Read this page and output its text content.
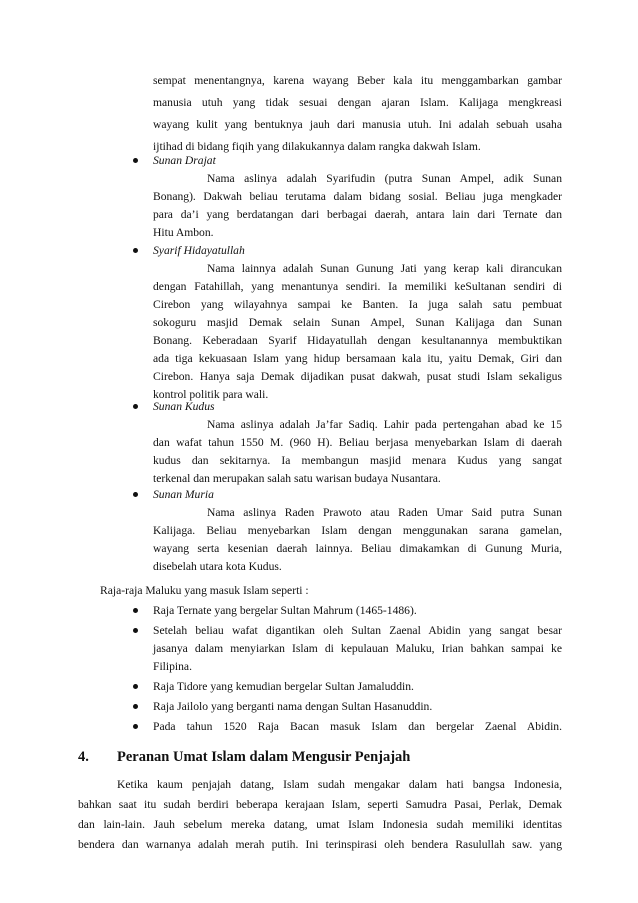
sempat menentangnya, karena wayang Beber kala itu menggambarkan gambar
manusia utuh yang tidak sesuai dengan ajaran Islam. Kalijaga mengkreasi
wayang kulit yang bentuknya jauh dari manusia utuh. Ini adalah sebuah usaha
ijtihad di bidang fiqih yang dilakukannya dalam rangka dakwah Islam.
Sunan Drajat
Nama aslinya adalah Syarifudin (putra Sunan Ampel, adik Sunan
Bonang). Dakwah beliau terutama dalam bidang sosial. Beliau juga mengkader
para da’i yang berdatangan dari berbagai daerah, antara lain dari Ternate dan
Hitu Ambon.
Syarif Hidayatullah
Nama lainnya adalah Sunan Gunung Jati yang kerap kali dirancukan
dengan Fatahillah, yang menantunya sendiri. Ia memiliki keSultanan sendiri di
Cirebon yang wilayahnya sampai ke Banten. Ia juga salah satu pembuat
sokoguru masjid Demak selain Sunan Ampel, Sunan Kalijaga dan Sunan
Bonang. Keberadaan Syarif Hidayatullah dengan kesultanannya membuktikan
ada tiga kekuasaan Islam yang hidup bersamaan kala itu, yaitu Demak, Giri dan
Cirebon. Hanya saja Demak dijadikan pusat dakwah, pusat studi Islam sekaligus
kontrol politik para wali.
Sunan Kudus
Nama aslinya adalah Ja’far Sadiq. Lahir pada pertengahan abad ke 15
dan wafat tahun 1550 M. (960 H). Beliau berjasa menyebarkan Islam di daerah
kudus dan sekitarnya. Ia membangun masjid menara Kudus yang sangat
terkenal dan merupakan salah satu warisan budaya Nusantara.
Sunan Muria
Nama aslinya Raden Prawoto atau Raden Umar Said putra Sunan
Kalijaga. Beliau menyebarkan Islam dengan menggunakan sarana gamelan,
wayang serta kesenian daerah lainnya. Beliau dimakamkan di Gunung Muria,
disebelah utara kota Kudus.
Raja-raja Maluku yang masuk Islam seperti :
Raja Ternate yang bergelar Sultan Mahrum (1465-1486).
Setelah beliau wafat digantikan oleh Sultan Zaenal Abidin yang sangat besar
jasanya dalam menyiarkan Islam di kepulauan Maluku, Irian bahkan sampai ke
Filipina.
Raja Tidore yang kemudian bergelar Sultan Jamaluddin.
Raja Jailolo yang berganti nama dengan Sultan Hasanuddin.
Pada tahun 1520 Raja Bacan masuk Islam dan bergelar Zaenal Abidin.
4. Peranan Umat Islam dalam Mengusir Penjajah
Ketika kaum penjajah datang, Islam sudah mengakar dalam hati bangsa Indonesia,
bahkan saat itu sudah berdiri beberapa kerajaan Islam, seperti Samudra Pasai, Perlak, Demak
dan lain-lain. Jauh sebelum mereka datang, umat Islam Indonesia sudah memiliki identitas
bendera dan warnanya adalah merah putih. Ini terinspirasi oleh bendera Rasulullah saw. yang
